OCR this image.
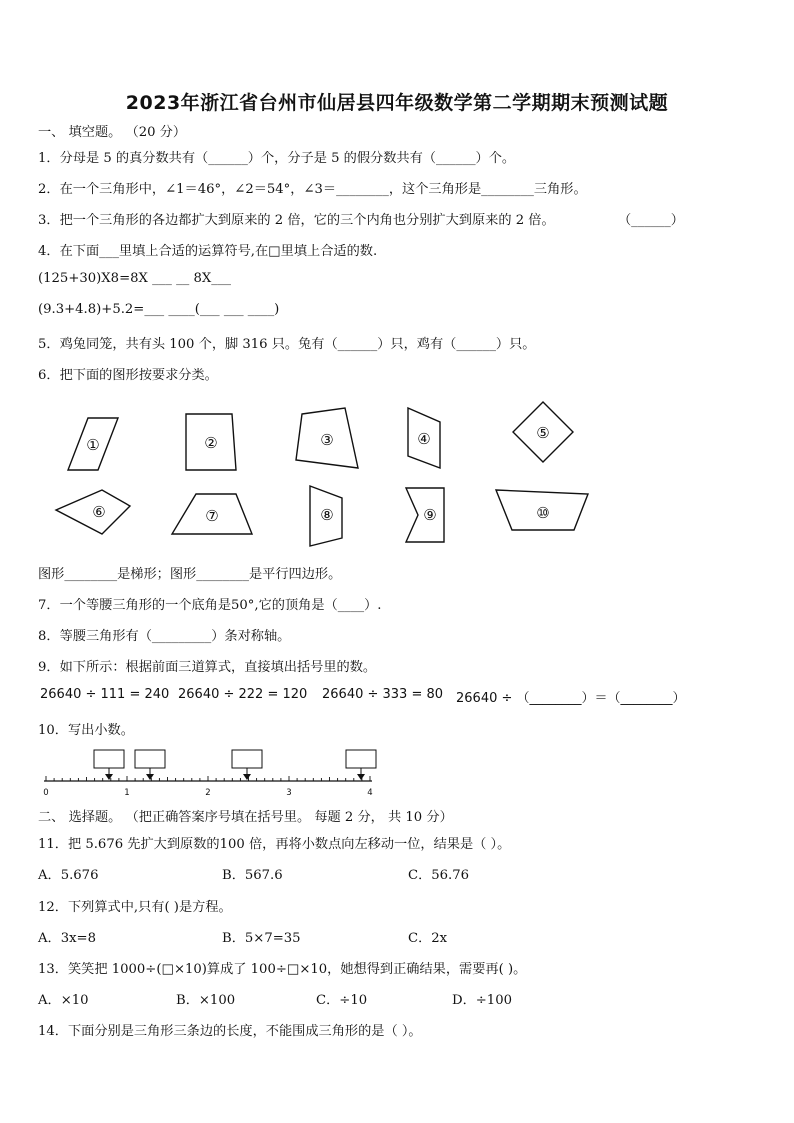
2023年浙江省台州市仙居县四年级数学第二学期期末预测试题
一、 填空题。 （20 分）
1．分母是 5 的真分数共有（______）个，分子是 5 的假分数共有（______）个。
2．在一个三角形中，∠1＝46°，∠2＝54°，∠3＝________，这个三角形是________三角形。
3．把一个三角形的各边都扩大到原来的 2 倍，它的三个内角也分别扩大到原来的 2 倍。	（______）
4．在下面___里填上合适的运算符号,在□里填上合适的数.
(125+30)X8=8X ___ __ 8X___
(9.3+4.8)+5.2=___ ____(___ ___ ____)
5．鸡兔同笼，共有头 100 个，脚 316 只。兔有（______）只，鸡有（______）只。
6．把下面的图形按要求分类。
①	②	③	④	⑤
⑥	⑦	⑧	⑨	⑩
图形________是梯形；图形________是平行四边形。
7．一个等腰三角形的一个底角是50°,它的顶角是（____）.
8．等腰三角形有（_________）条对称轴。
9．如下所示：根据前面三道算式，直接填出括号里的数。
26640 ÷ 111 = 240 26640 ÷ 222 = 120 26640 ÷ 333 = 80 26640 ÷ （________）＝（________）
10．写出小数。
0	1	2	3	4
二、 选择题。 （把正确答案序号填在括号里。 每题 2 分， 共 10 分）
11．把 5.676 先扩大到原数的100 倍，再将小数点向左移动一位，结果是（ ）。
A．5.676	B．567.6	C．56.76
12．下列算式中,只有( )是方程。
A．3x=8	B．5×7=35	C．2x
13．笑笑把 1000÷(□×10)算成了 100÷□×10，她想得到正确结果，需要再( )。
A．×10	B．×100	C．÷10	D．÷100
14．下面分别是三角形三条边的长度，不能围成三角形的是（ ）。
